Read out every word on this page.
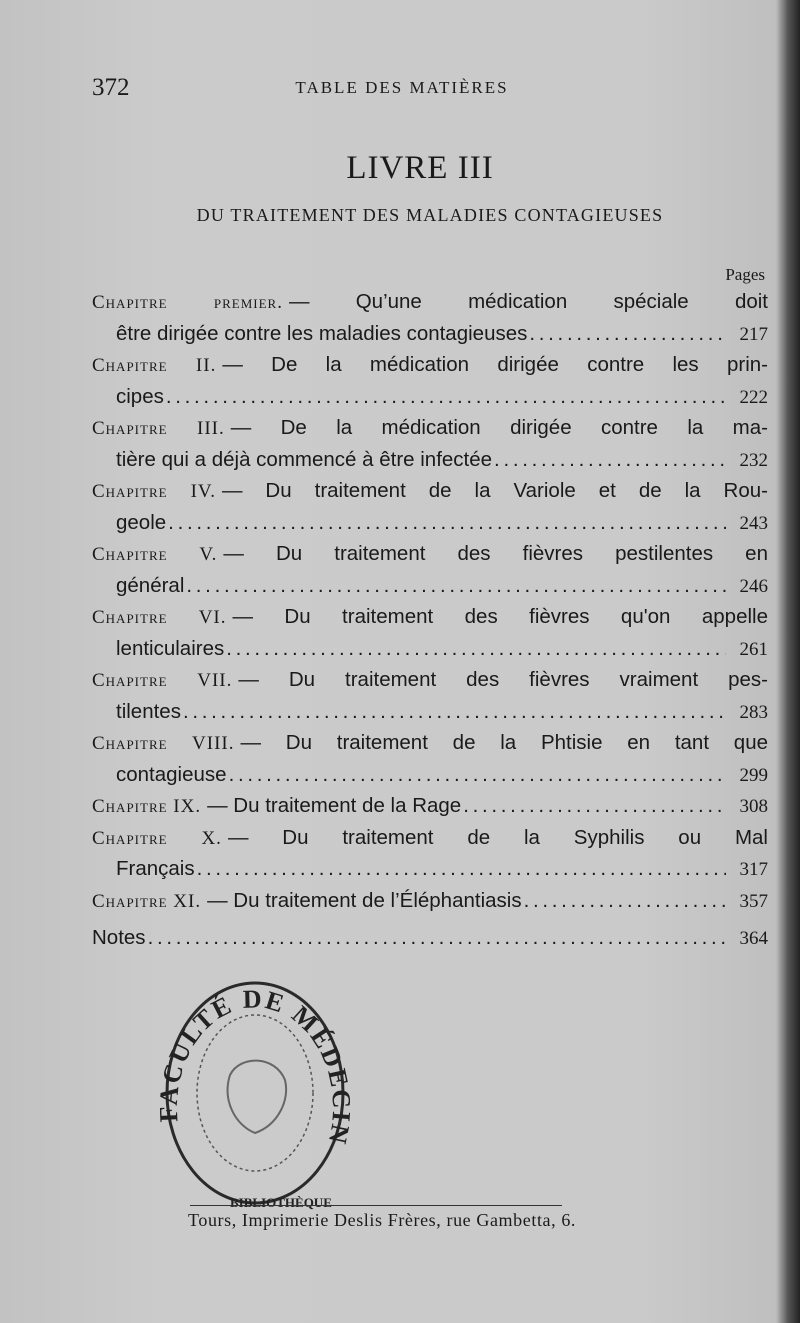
372	TABLE DES MATIÈRES
LIVRE III
DU TRAITEMENT DES MALADIES CONTAGIEUSES
Pages
Chapitre premier. — Qu’une médication spéciale doit
être dirigée contre les maladies contagieuses . . .	217
Chapitre II. — De la médication dirigée contre les prin-
cipes . . .	222
Chapitre III. — De la médication dirigée contre la ma-
tière qui a déjà commencé à être infectée . . .	232
Chapitre IV. — Du traitement de la Variole et de la Rou-
geole . . .	243
Chapitre V. — Du traitement des fièvres pestilentes en
général . . .	246
Chapitre VI. — Du traitement des fièvres qu'on appelle
lenticulaires . . .	261
Chapitre VII. — Du traitement des fièvres vraiment pes-
tilentes . . .	283
Chapitre VIII. — Du traitement de la Phtisie en tant que
contagieuse . . .	299
Chapitre IX. — Du traitement de la Rage . . .	308
Chapitre X. — Du traitement de la Syphilis ou Mal
Français . . .	317
Chapitre XI. — Du traitement de l’Éléphantiasis . . .	357
Notes . . .	364
ULTÉ DE MÉD
BIBLIOTHÈQUE
Tours, Imprimerie Deslis Frères, rue Gambetta, 6.
